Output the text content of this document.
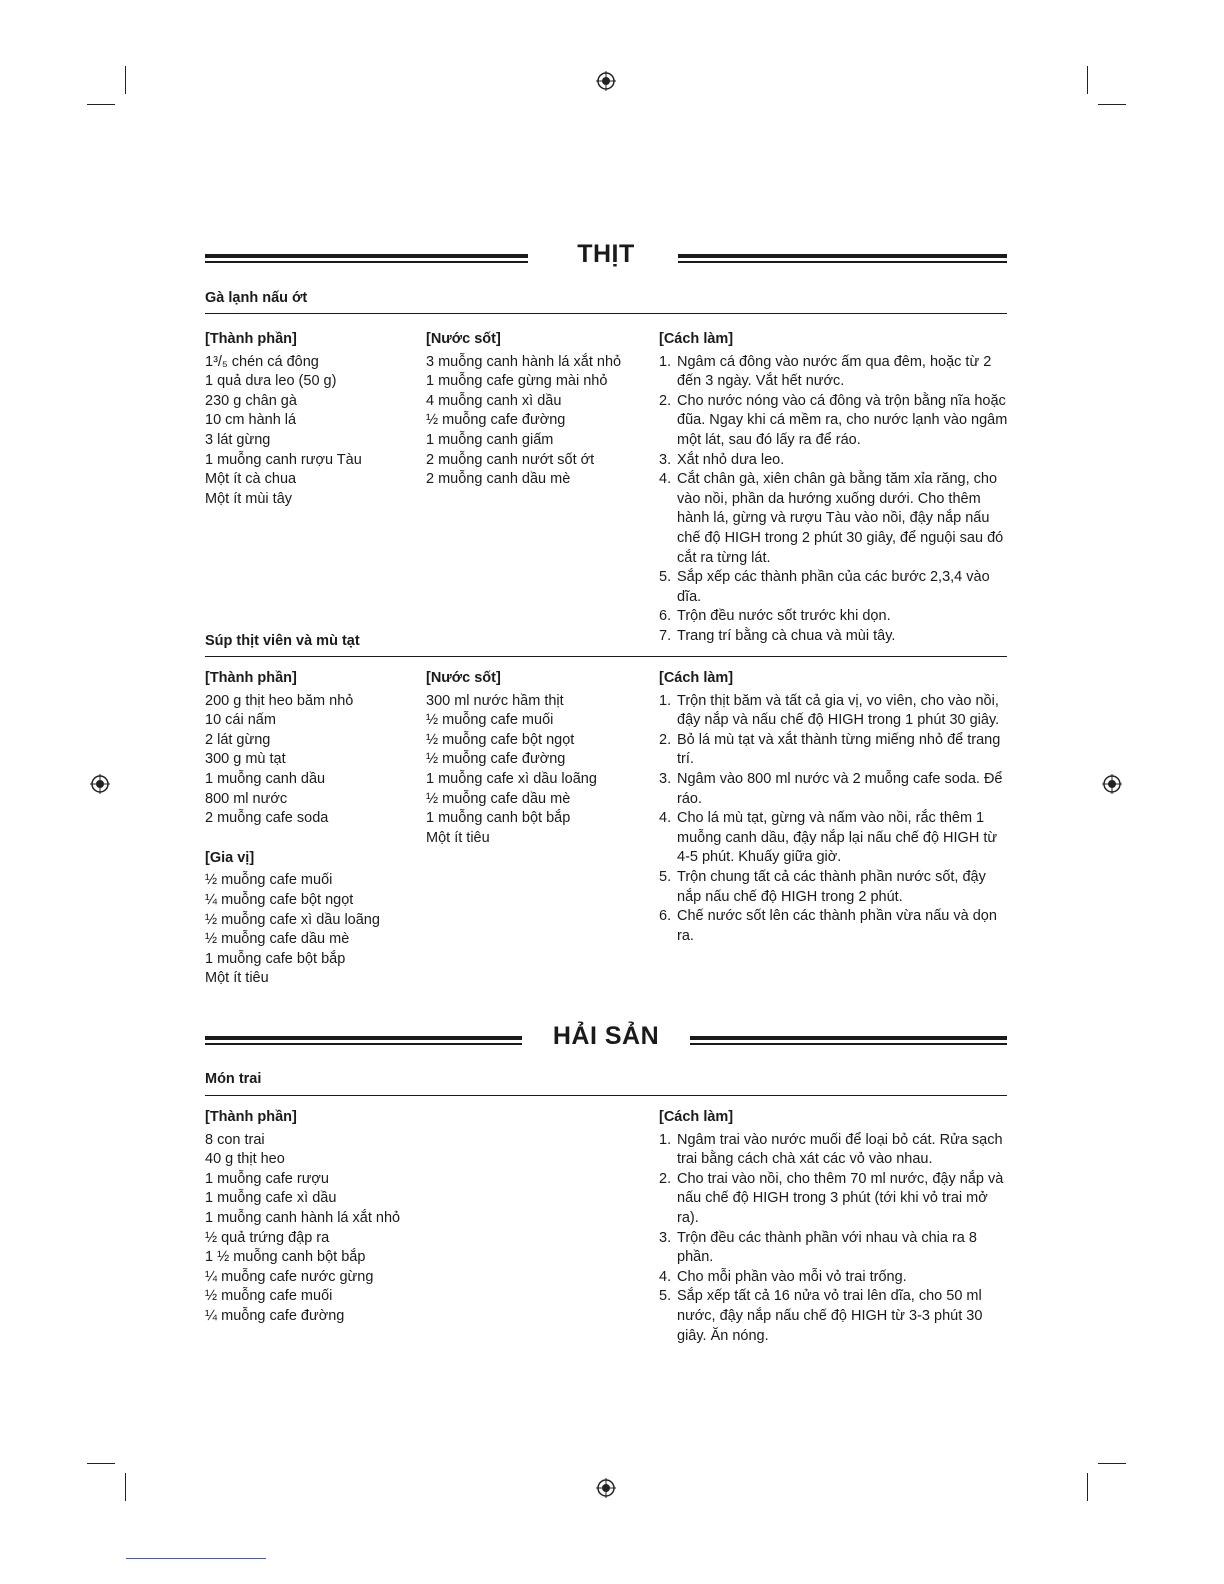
THỊT
Gà lạnh nấu ớt
[Thành phần]
1³/₅ chén cá đông
1 quả dưa leo (50 g)
230 g chân gà
10 cm hành lá
3 lát gừng
1 muỗng canh rượu Tàu
Một ít cà chua
Một ít mùi tây
[Nước sốt]
3 muỗng canh hành lá xắt nhỏ
1 muỗng cafe gừng mài nhỏ
4 muỗng canh xì dầu
½ muỗng cafe đường
1 muỗng canh giấm
2 muỗng canh nướt sốt ớt
2 muỗng canh dầu mè
[Cách làm]
1. Ngâm cá đông vào nước ấm qua đêm, hoặc từ 2 đến 3 ngày. Vắt hết nước.
2. Cho nước nóng vào cá đông và trộn bằng nĩa hoặc đũa. Ngay khi cá mềm ra, cho nước lạnh vào ngâm một lát, sau đó lấy ra để ráo.
3. Xắt nhỏ dưa leo.
4. Cắt chân gà, xiên chân gà bằng tăm xỉa răng, cho vào nồi, phần da hướng xuống dưới. Cho thêm hành lá, gừng và rượu Tàu vào nồi, đậy nắp nấu chế độ HIGH trong 2 phút 30 giây, để nguội sau đó cắt ra từng lát.
5. Sắp xếp các thành phần của các bước 2,3,4 vào dĩa.
6. Trộn đều nước sốt trước khi dọn.
7. Trang trí bằng cà chua và mùi tây.
Súp thịt viên và mù tạt
[Thành phần]
200 g thịt heo băm nhỏ
10 cái nấm
2 lát gừng
300 g mù tạt
1 muỗng canh dầu
800 ml nước
2 muỗng cafe soda
[Gia vị]
½ muỗng cafe muối
¼ muỗng cafe bột ngọt
½ muỗng cafe xì dầu loãng
½ muỗng cafe dầu mè
1 muỗng cafe bột bắp
Một ít tiêu
[Nước sốt]
300 ml nước hầm thịt
½ muỗng cafe muối
½ muỗng cafe bột ngọt
½ muỗng cafe đường
1 muỗng cafe xì dầu loãng
½ muỗng cafe dầu mè
1 muỗng canh bột bắp
Một ít tiêu
[Cách làm]
1. Trộn thịt băm và tất cả gia vị, vo viên, cho vào nồi, đậy nắp và nấu chế độ HIGH trong 1 phút 30 giây.
2. Bỏ lá mù tạt và xắt thành từng miếng nhỏ để trang trí.
3. Ngâm vào 800 ml nước và 2 muỗng cafe soda. Để ráo.
4. Cho lá mù tạt, gừng và nấm vào nồi, rắc thêm 1 muỗng canh dầu, đậy nắp lại nấu chế độ HIGH từ 4-5 phút. Khuấy giữa giờ.
5. Trộn chung tất cả các thành phần nước sốt, đậy nắp nấu chế độ HIGH trong 2 phút.
6. Chế nước sốt lên các thành phần vừa nấu và dọn ra.
HẢI SẢN
Món trai
[Thành phần]
8 con trai
40 g thịt heo
1 muỗng cafe rượu
1 muỗng cafe xì dầu
1 muỗng canh hành lá xắt nhỏ
½ quả trứng đập ra
1 ½ muỗng canh bột bắp
¼ muỗng cafe nước gừng
½ muỗng cafe muối
¼ muỗng cafe đường
[Cách làm]
1. Ngâm trai vào nước muối để loại bỏ cát. Rửa sạch trai bằng cách chà xát các vỏ vào nhau.
2. Cho trai vào nồi, cho thêm 70 ml nước, đậy nắp và nấu chế độ HIGH trong 3 phút (tới khi vỏ trai mở ra).
3. Trộn đều các thành phần với nhau và chia ra 8 phần.
4. Cho mỗi phần vào mỗi vỏ trai trống.
5. Sắp xếp tất cả 16 nửa vỏ trai lên dĩa, cho 50 ml nước, đậy nắp nấu chế độ HIGH từ 3-3 phút 30 giây. Ăn nóng.
